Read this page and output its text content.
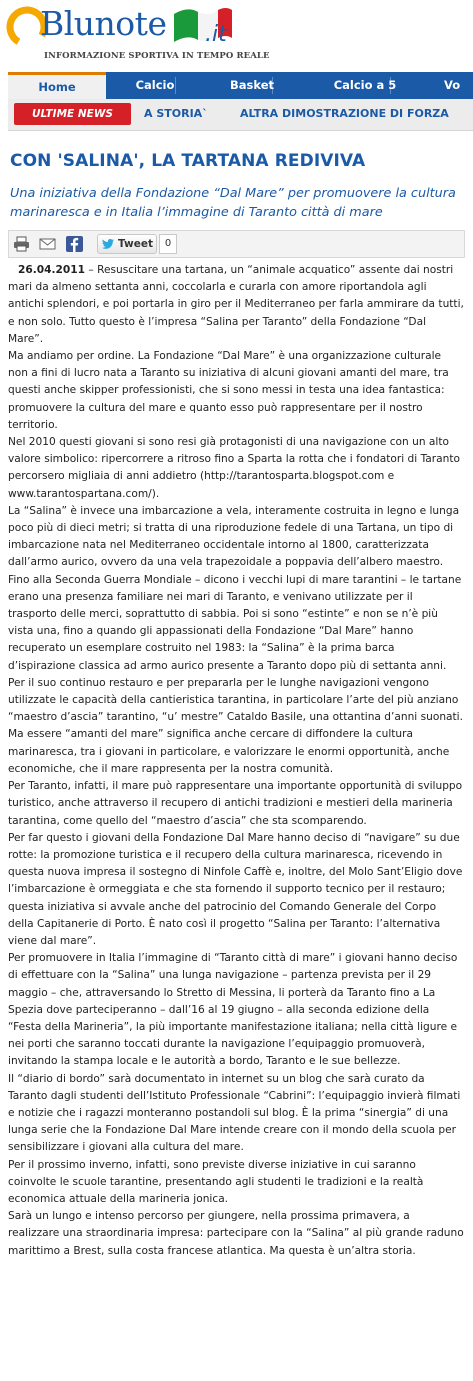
Blunote .it
INFORMAZIONE SPORTIVA IN TEMPO REALE
Home	Calcio	Basket	Calcio a 5	Vo
ULTIME NEWS	A STORIA`	ALTRA DIMOSTRAZIONE DI FORZA
CON 'SALINA', LA TARTANA REDIVIVA

Una iniziativa della Fondazione “Dal Mare” per promuovere la cultura marinaresca e in Italia l’immagine di Taranto città di mare

Tweet	0

26.04.2011 – Resuscitare una tartana, un “animale acquatico” assente dai nostri mari da almeno settanta anni, coccolarla e curarla con amore riportandola agli antichi splendori, e poi portarla in giro per il Mediterraneo per farla ammirare da tutti, e non solo. Tutto questo è l’impresa “Salina per Taranto” della Fondazione “Dal Mare”.

Ma andiamo per ordine. La Fondazione “Dal Mare” è una organizzazione culturale non a fini di lucro nata a Taranto su iniziativa di alcuni giovani amanti del mare, tra questi anche skipper professionisti, che si sono messi in testa una idea fantastica: promuovere la cultura del mare e quanto esso può rappresentare per il nostro territorio.

Nel 2010 questi giovani si sono resi già protagonisti di una navigazione con un alto valore simbolico: ripercorrere a ritroso fino a Sparta la rotta che i fondatori di Taranto percorsero migliaia di anni addietro (http://tarantosparta.blogspot.com e www.tarantospartana.com/).

La “Salina” è invece una imbarcazione a vela, interamente costruita in legno e lunga poco più di dieci metri; si tratta di una riproduzione fedele di una Tartana, un tipo di imbarcazione nata nel Mediterraneo occidentale intorno al 1800, caratterizzata dall’armo aurico, ovvero da una vela trapezoidale a poppavia dell’albero maestro.

Fino alla Seconda Guerra Mondiale – dicono i vecchi lupi di mare tarantini – le tartane erano una presenza familiare nei mari di Taranto, e venivano utilizzate per il trasporto delle merci, soprattutto di sabbia. Poi si sono “estinte” e non se n’è più vista una, fino a quando gli appassionati della Fondazione “Dal Mare” hanno recuperato un esemplare costruito nel 1983: la “Salina” è la prima barca d’ispirazione classica ad armo aurico presente a Taranto dopo più di settanta anni.

Per il suo continuo restauro e per prepararla per le lunghe navigazioni vengono utilizzate le capacità della cantieristica tarantina, in particolare l’arte del più anziano “maestro d’ascia” tarantino, “u’ mestre” Cataldo Basile, una ottantina d’anni suonati.

Ma essere “amanti del mare” significa anche cercare di diffondere la cultura marinaresca, tra i giovani in particolare, e valorizzare le enormi opportunità, anche economiche, che il mare rappresenta per la nostra comunità.

Per Taranto, infatti, il mare può rappresentare una importante opportunità di sviluppo turistico, anche attraverso il recupero di antichi tradizioni e mestieri della marineria tarantina, come quello del “maestro d’ascia” che sta scomparendo.

Per far questo i giovani della Fondazione Dal Mare hanno deciso di “navigare” su due rotte: la promozione turistica e il recupero della cultura marinaresca, ricevendo in questa nuova impresa il sostegno di Ninfole Caffè e, inoltre, del Molo Sant’Eligio dove l’imbarcazione è ormeggiata e che sta fornendo il supporto tecnico per il restauro; questa iniziativa si avvale anche del patrocinio del Comando Generale del Corpo della Capitanerie di Porto. È nato così il progetto “Salina per Taranto: l’alternativa viene dal mare”.

Per promuovere in Italia l’immagine di “Taranto città di mare” i giovani hanno deciso di effettuare con la “Salina” una lunga navigazione – partenza prevista per il 29 maggio – che, attraversando lo Stretto di Messina, li porterà da Taranto fino a La Spezia dove parteciperanno – dall’16 al 19 giugno – alla seconda edizione della “Festa della Marineria”, la più importante manifestazione italiana; nella città ligure e nei porti che saranno toccati durante la navigazione l’equipaggio promuoverà, invitando la stampa locale e le autorità a bordo, Taranto e le sue bellezze.

Il “diario di bordo” sarà documentato in internet su un blog che sarà curato da Taranto dagli studenti dell’Istituto Professionale “Cabrini”: l’equipaggio invierà filmati e notizie che i ragazzi monteranno postandoli sul blog. È la prima “sinergia” di una lunga serie che la Fondazione Dal Mare intende creare con il mondo della scuola per sensibilizzare i giovani alla cultura del mare.

Per il prossimo inverno, infatti, sono previste diverse iniziative in cui saranno coinvolte le scuole tarantine, presentando agli studenti le tradizioni e la realtà economica attuale della marineria jonica.

Sarà un lungo e intenso percorso per giungere, nella prossima primavera, a realizzare una straordinaria impresa: partecipare con la “Salina” al più grande raduno marittimo a Brest, sulla costa francese atlantica. Ma questa è un’altra storia.
